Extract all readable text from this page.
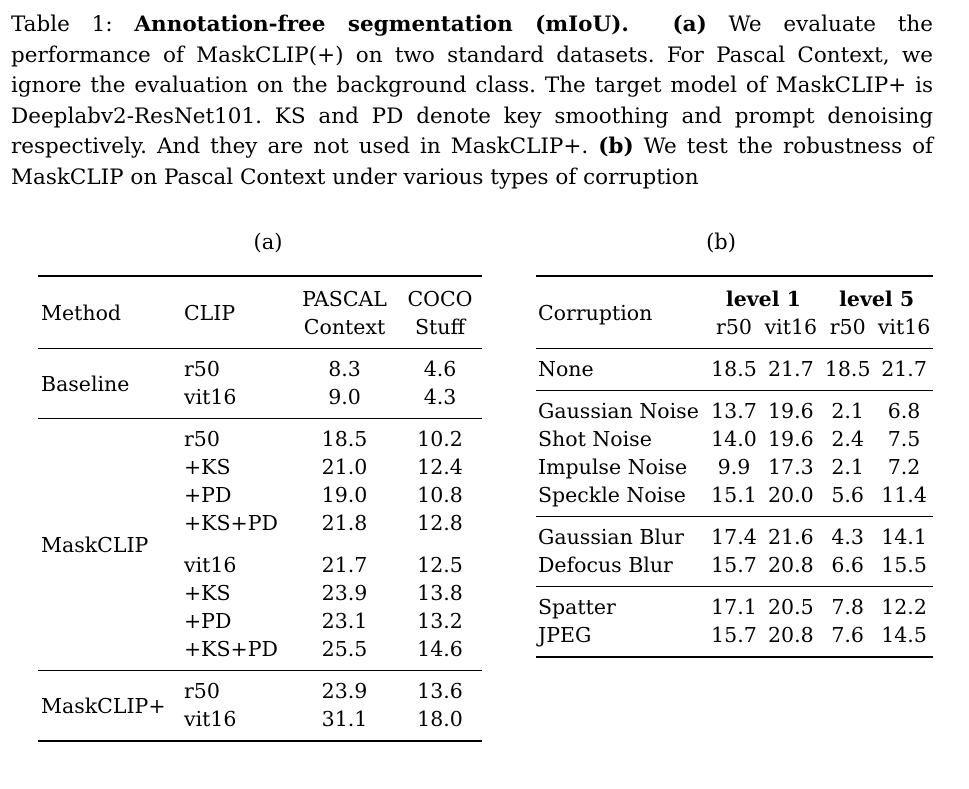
Table 1: Annotation-free segmentation (mIoU). (a) We evaluate the performance of MaskCLIP(+) on two standard datasets. For Pascal Context, we ignore the evaluation on the background class. The target model of MaskCLIP+ is Deeplabv2-ResNet101. KS and PD denote key smoothing and prompt denoising respectively. And they are not used in MaskCLIP+. (b) We test the robustness of MaskCLIP on Pascal Context under various types of corruption
(a)	(b)
Method	CLIP	PASCAL	COCO
		Context	Stuff
Baseline	r50	8.3	4.6
	vit16	9.0	4.3
MaskCLIP	r50	18.5	10.2
	+KS	21.0	12.4
	+PD	19.0	10.8
	+KS+PD	21.8	12.8

	vit16	21.7	12.5
	+KS	23.9	13.8
	+PD	23.1	13.2
	+KS+PD	25.5	14.6
MaskCLIP+	r50	23.9	13.6
	vit16	31.1	18.0
Corruption	level 1		level 5	
	r50	vit16	r50	vit16
None	18.5	21.7	18.5	21.7
Gaussian Noise	13.7	19.6	2.1	6.8
Shot Noise	14.0	19.6	2.4	7.5
Impulse Noise	9.9	17.3	2.1	7.2
Speckle Noise	15.1	20.0	5.6	11.4
Gaussian Blur	17.4	21.6	4.3	14.1
Defocus Blur	15.7	20.8	6.6	15.5
Spatter	17.1	20.5	7.8	12.2
JPEG	15.7	20.8	7.6	14.5
